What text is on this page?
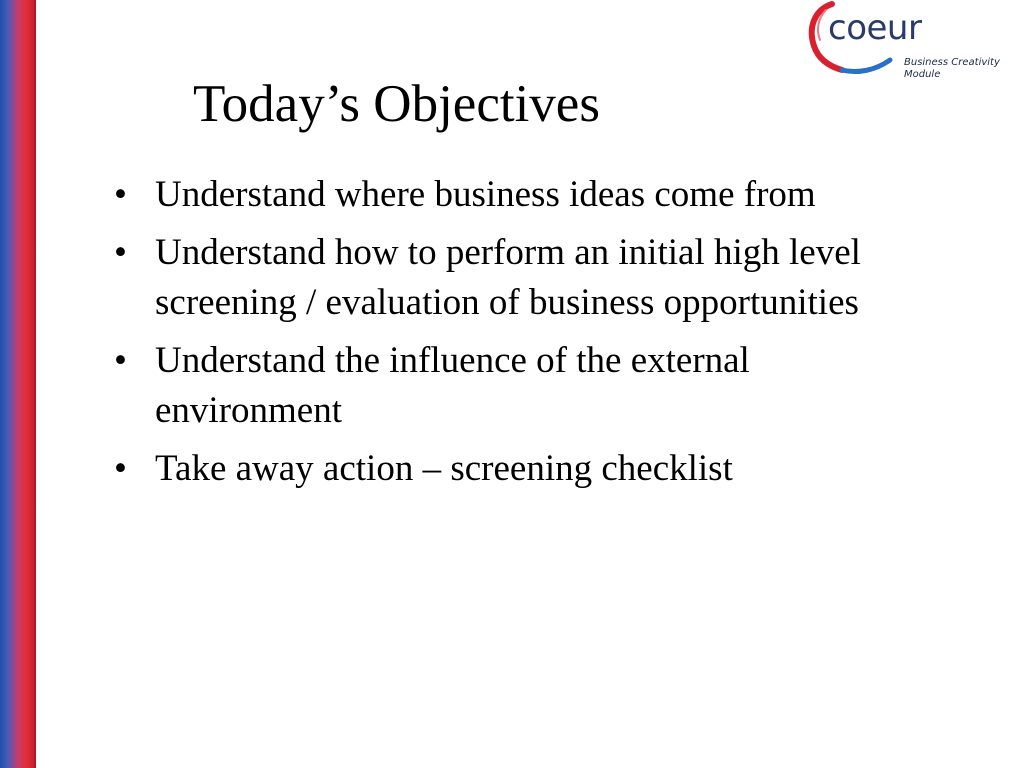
coeur
Business Creativity Module
Today’s Objectives
• Understand where business ideas come from
• Understand how to perform an initial high level screening / evaluation of business opportunities
• Understand the influence of the external environment
• Take away action – screening checklist
